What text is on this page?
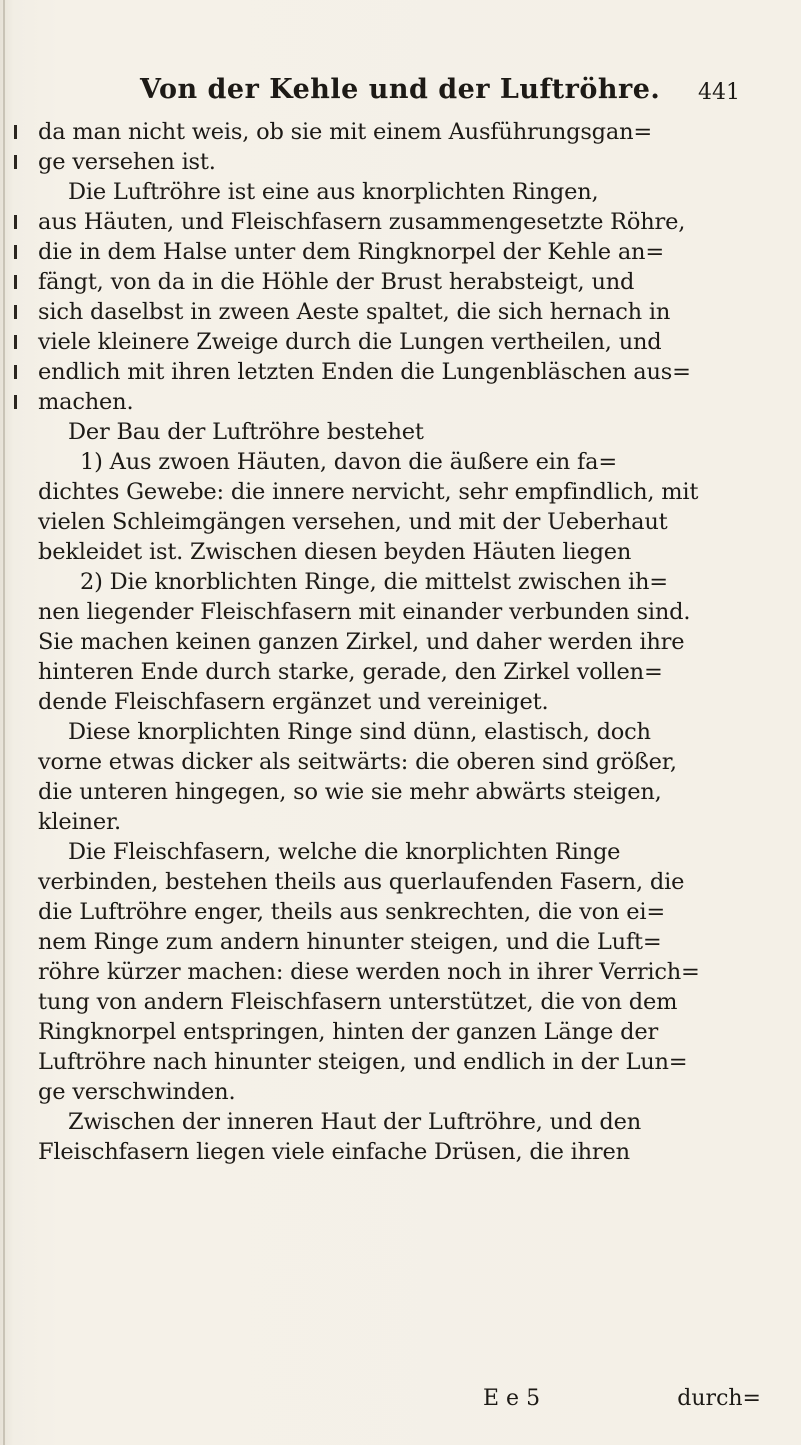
Von der Kehle und der Luftröhre. 441
da man nicht weis, ob sie mit einem Ausführungsgan=
ge versehen ist.
Die Luftröhre ist eine aus knorplichten Ringen,
aus Häuten, und Fleischfasern zusammengesetzte Röhre,
die in dem Halse unter dem Ringknorpel der Kehle an=
fängt, von da in die Höhle der Brust herabsteigt, und
sich daselbst in zween Aeste spaltet, die sich hernach in
viele kleinere Zweige durch die Lungen vertheilen, und
endlich mit ihren letzten Enden die Lungenbläschen aus=
machen.
Der Bau der Luftröhre bestehet
1) Aus zwoen Häuten, davon die äußere ein fa=
dichtes Gewebe: die innere nervicht, sehr empfindlich, mit
vielen Schleimgängen versehen, und mit der Ueberhaut
bekleidet ist. Zwischen diesen beyden Häuten liegen
2) Die knorblichten Ringe, die mittelst zwischen ih=
nen liegender Fleischfasern mit einander verbunden sind.
Sie machen keinen ganzen Zirkel, und daher werden ihre
hinteren Ende durch starke, gerade, den Zirkel vollen=
dende Fleischfasern ergänzet und vereiniget.
Diese knorplichten Ringe sind dünn, elastisch, doch
vorne etwas dicker als seitwärts: die oberen sind größer,
die unteren hingegen, so wie sie mehr abwärts steigen,
kleiner.
Die Fleischfasern, welche die knorplichten Ringe
verbinden, bestehen theils aus querlaufenden Fasern, die
die Luftröhre enger, theils aus senkrechten, die von ei=
nem Ringe zum andern hinunter steigen, und die Luft=
röhre kürzer machen: diese werden noch in ihrer Verrich=
tung von andern Fleischfasern unterstützet, die von dem
Ringknorpel entspringen, hinten der ganzen Länge der
Luftröhre nach hinunter steigen, und endlich in der Lun=
ge verschwinden.
Zwischen der inneren Haut der Luftröhre, und den
Fleischfasern liegen viele einfache Drüsen, die ihren
E e 5	durch=
